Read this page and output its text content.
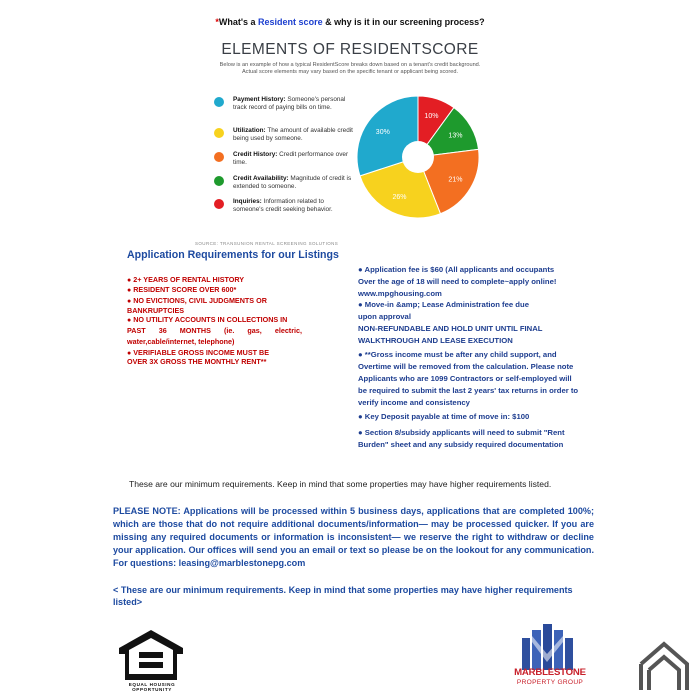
*What's a Resident score & why is it in our screening process?
ELEMENTS OF RESIDENTSCORE
Below is an example of how a typical ResidentScore breaks down based on a tenant's credit background.
Actual score elements may vary based on the specific tenant or applicant being scored.
Payment History: Someone's personal track record of paying bills on time.
Utilization: The amount of available credit being used by someone.
Credit History: Credit performance over time.
Credit Availability: Magnitude of credit is extended to someone.
Inquiries: Information related to someone's credit seeking behavior.
10%
13%
21%
26%
30%
SOURCE: TRANSUNION RENTAL SCREENING SOLUTIONS
Application Requirements for our Listings
● 2+ YEARS OF RENTAL HISTORY
● RESIDENT SCORE OVER 600*
● NO EVICTIONS, CIVIL JUDGMENTS OR
BANKRUPTCIES
● NO UTILITY ACCOUNTS IN COLLECTIONS IN
PAST 36 MONTHS (ie. gas, electric,
water,cable/internet, telephone)
● VERIFIABLE GROSS INCOME MUST BE
OVER 3X GROSS THE MONTHLY RENT**
● Application fee is $60 (All applicants and occupants
Over the age of 18 will need to complete~apply online!
www.mpghousing.com
● Move-in &amp; Lease Administration fee due
upon approval
NON-REFUNDABLE AND HOLD UNIT UNTIL FINAL
WALKTHROUGH AND LEASE EXECUTION
● **Gross income must be after any child support, and
Overtime will be removed from the calculation. Please note
Applicants who are 1099 Contractors or self-employed will
be required to submit the last 2 years' tax returns in order to
verify income and consistency
● Key Deposit payable at time of move in: $100
● Section 8/subsidy applicants will need to submit "Rent
Burden" sheet and any subsidy required documentation
These are our minimum requirements. Keep in mind that some properties may have higher requirements listed.
PLEASE NOTE: Applications will be processed within 5 business days, applications that are completed 100%; which are those that do not require additional documents/information— may be processed quicker. If you are missing any required documents or information is inconsistent— we reserve the right to withdraw or decline your application. Our offices will send you an email or text so please be on the lookout for any communication. For questions: leasing@marblestonepg.com
< These are our minimum requirements. Keep in mind that some properties may have higher requirements listed>
EQUAL HOUSING
OPPORTUNITY
MARBLESTONE
PROPERTY GROUP
